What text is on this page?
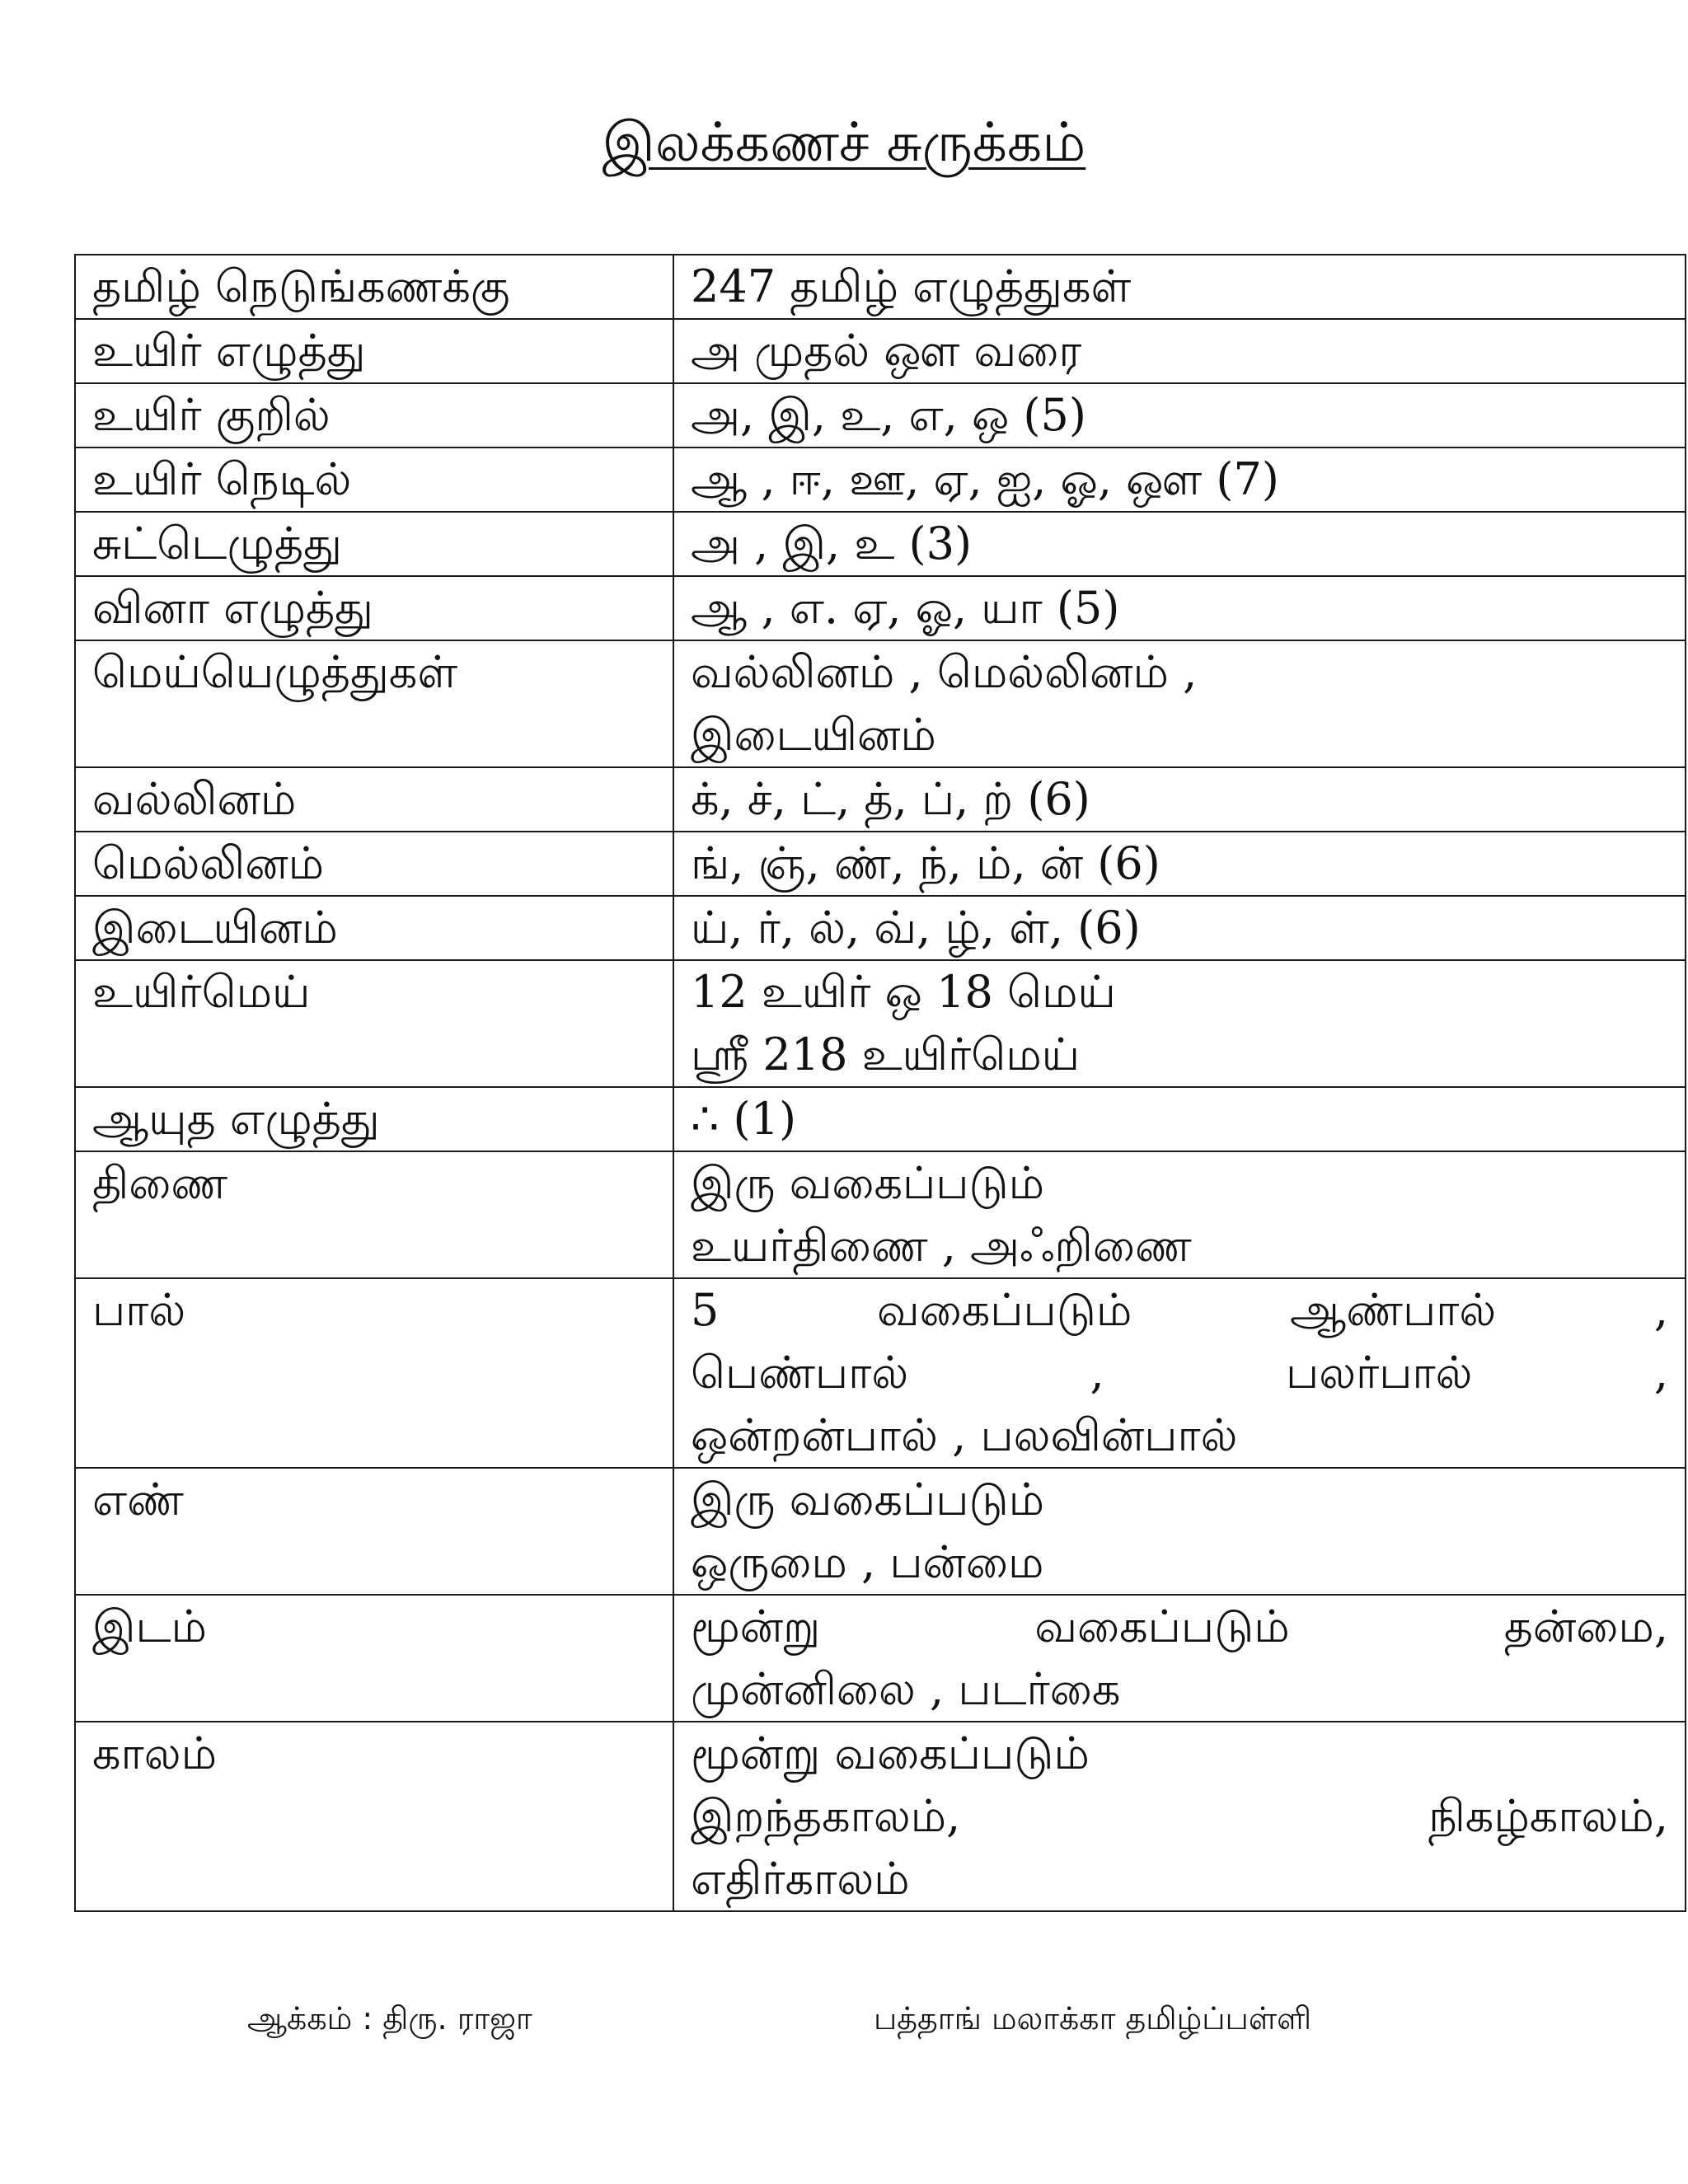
இலக்கணச் சுருக்கம்
தமிழ் நெடுங்கணக்கு	247 தமிழ் எழுத்துகள்

உயிர் எழுத்து	அ முதல் ஔ வரை

உயிர் குறில்	அ, இ, உ, எ, ஒ (5)

உயிர் நெடில்	ஆ , ஈ, ஊ, ஏ, ஐ, ஓ, ஔ (7)

சுட்டெழுத்து	அ , இ, உ (3)

வினா எழுத்து	ஆ , எ. ஏ, ஓ, யா (5)

மெய்யெழுத்துகள்	வல்லினம் , மெல்லினம் ,
இடையினம்

வல்லினம்	க், ச், ட், த், ப், ற் (6)

மெல்லினம்	ங், ஞ், ண், ந், ம், ன் (6)

இடையினம்	ய், ர், ல், வ், ழ், ள், (6)

உயிர்மெய்	12 உயிர் ஒ 18 மெய்
ஸ்ரீ 218 உயிர்மெய்

ஆயுத எழுத்து	∴ (1)

திணை	இரு வகைப்படும்
உயர்திணை , அஃறிணை

பால்	5 வகைப்படும் ஆண்பால் ,
பெண்பால் , பலர்பால் ,
ஒன்றன்பால் , பலவின்பால்

எண்	இரு வகைப்படும்
ஒருமை , பன்மை

இடம்	மூன்று வகைப்படும் தன்மை,
முன்னிலை , படர்கை

காலம்	மூன்று வகைப்படும்
இறந்தகாலம், நிகழ்காலம்,
எதிர்காலம்
ஆக்கம் : திரு. ராஜா	பத்தாங் மலாக்கா தமிழ்ப்பள்ளி
